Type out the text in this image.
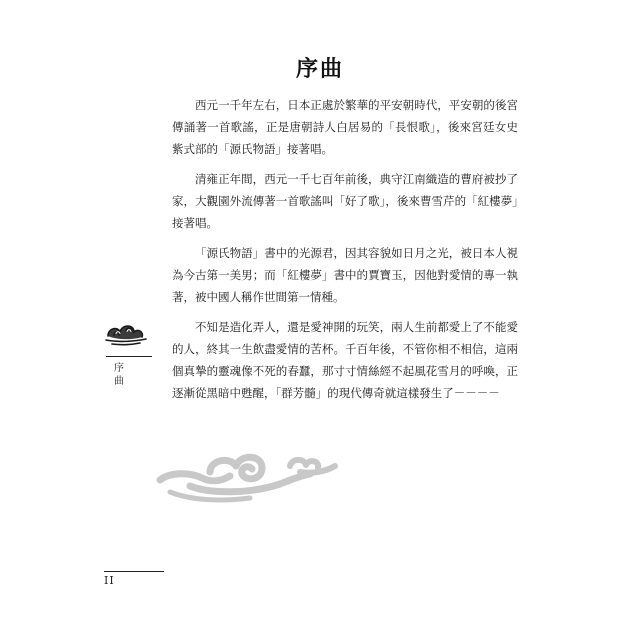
序曲

西元一千年左右，日本正處於繁華的平安朝時代，平安朝的後宮傳誦著一首歌謠，正是唐朝詩人白居易的「長恨歌」，後來宮廷女史紫式部的「源氏物語」接著唱。

清雍正年間，西元一千七百年前後，典守江南織造的曹府被抄了家，大觀園外流傳著一首歌謠叫「好了歌」，後來曹雪芹的「紅樓夢」接著唱。

「源氏物語」書中的光源君，因其容貌如日月之光，被日本人視為今古第一美男；而「紅樓夢」書中的賈寶玉，因他對愛情的專一執著，被中國人稱作世間第一情種。

不知是造化弄人，還是愛神開的玩笑，兩人生前都愛上了不能愛的人，終其一生飲盡愛情的苦杯。千百年後，不管你相不相信，這兩個真摯的靈魂像不死的春蠶，那寸寸情絲經不起風花雪月的呼喚，正逐漸從黑暗中甦醒，「群芳髓」的現代傳奇就這樣發生了－－－－

序
曲
II
